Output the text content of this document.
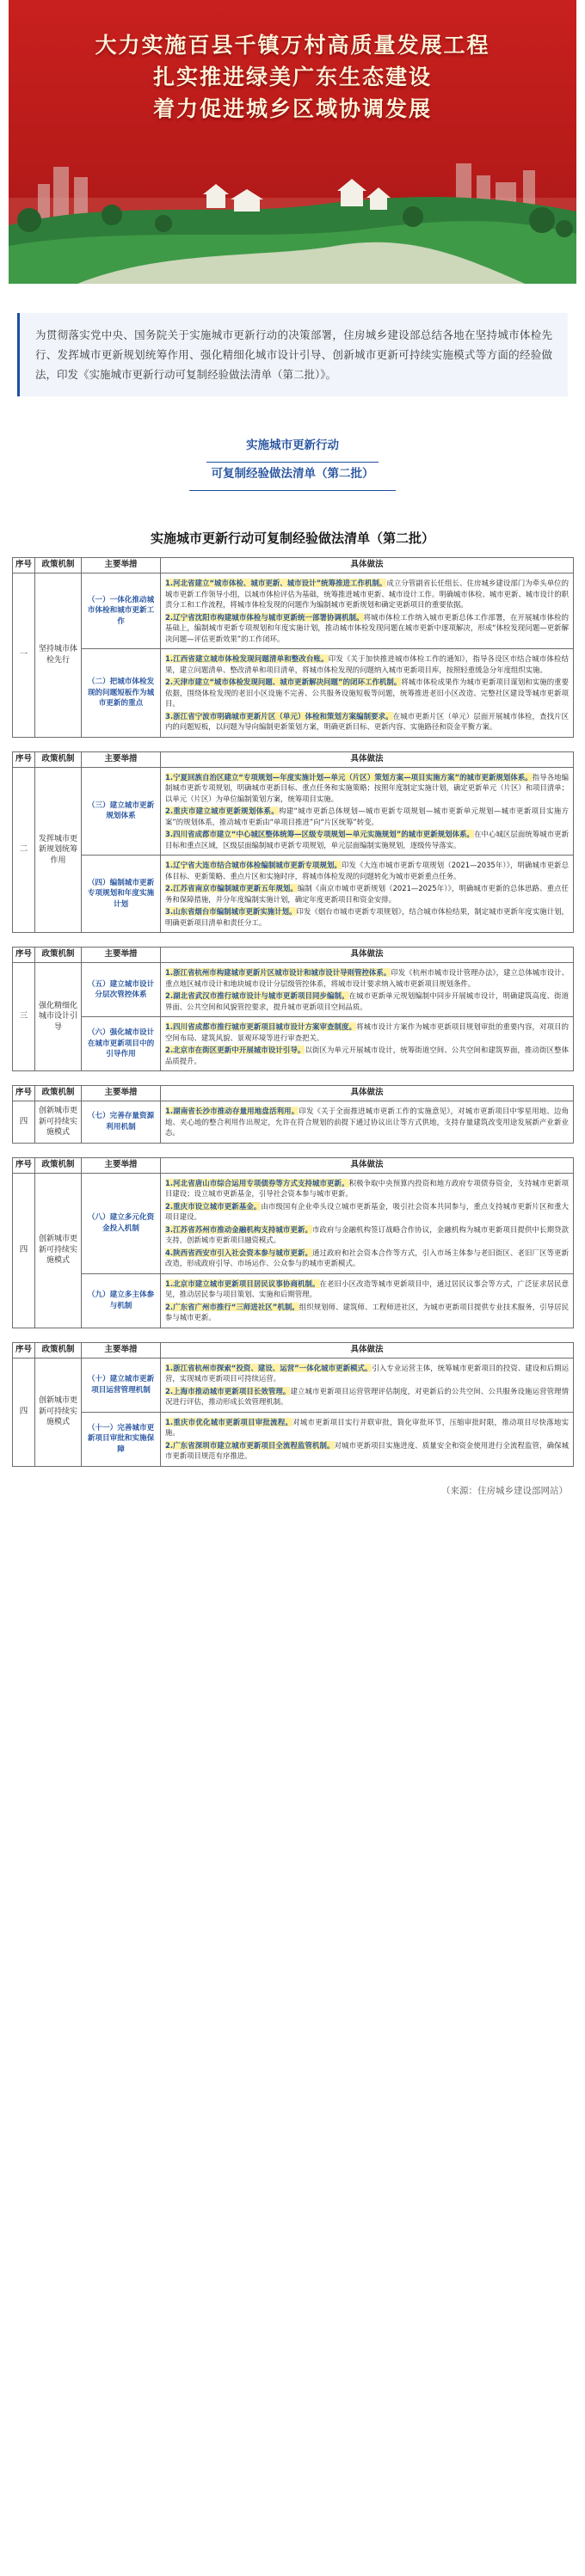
大力实施百县千镇万村高质量发展工程
扎实推进绿美广东生态建设
着力促进城乡区域协调发展
为贯彻落实党中央、国务院关于实施城市更新行动的决策部署，住房城乡建设部总结各地在坚持城市体检先行、发挥城市更新规划统筹作用、强化精细化城市设计引导、创新城市更新可持续实施模式等方面的经验做法，印发《实施城市更新行动可复制经验做法清单（第二批）》。
实施城市更新行动
可复制经验做法清单（第二批）
实施城市更新行动可复制经验做法清单（第二批）
序号	政策机制	主要举措	具体做法
一	坚持城市体检先行	（一）一体化推动城市体检和城市更新工作	1.河北省建立“城市体检、城市更新、城市设计”统筹推进工作机制。成立分管副省长任组长、住房城乡建设部门为牵头单位的城市更新工作领导小组，以城市体检评估为基础，统筹推进城市更新、城市设计工作。明确城市体检、城市更新、城市设计的职责分工和工作流程，将城市体检发现的问题作为编制城市更新规划和确定更新项目的重要依据。
2.辽宁省沈阳市构建城市体检与城市更新统一部署协调机制。将城市体检工作纳入城市更新总体工作部署，在开展城市体检的基础上，编制城市更新专项规划和年度实施计划，推动城市体检发现问题在城市更新中逐项解决，形成“体检发现问题—更新解决问题—评估更新效果”的工作闭环。

		（二）把城市体检发现的问题短板作为城市更新的重点	1.江西省建立城市体检发现问题清单和整改台账。印发《关于加快推进城市体检工作的通知》，指导各设区市结合城市体检结果，建立问题清单、整改清单和项目清单，将城市体检发现的问题纳入城市更新项目库，按照轻重缓急分年度组织实施。
2.天津市建立“城市体检发现问题、城市更新解决问题”的闭环工作机制。将城市体检成果作为城市更新项目谋划和实施的重要依据，围绕体检发现的老旧小区设施不完善、公共服务设施短板等问题，统筹推进老旧小区改造、完整社区建设等城市更新项目。
3.浙江省宁波市明确城市更新片区（单元）体检和策划方案编制要求。在城市更新片区（单元）层面开展城市体检，查找片区内的问题短板，以问题为导向编制更新策划方案，明确更新目标、更新内容、实施路径和资金平衡方案。
序号	政策机制	主要举措	具体做法
二	发挥城市更新规划统筹作用	（三）建立城市更新规划体系	1.宁夏回族自治区建立“专项规划—年度实施计划—单元（片区）策划方案—项目实施方案”的城市更新规划体系。指导各地编制城市更新专项规划，明确城市更新目标、重点任务和实施策略；按照年度制定实施计划，确定更新单元（片区）和项目清单；以单元（片区）为单位编制策划方案，统筹项目实施。
2.重庆市建立城市更新规划体系。构建“城市更新总体规划—城市更新专项规划—城市更新单元规划—城市更新项目实施方案”的规划体系，推动城市更新由“单项目推进”向“片区统筹”转变。
3.四川省成都市建立“中心城区整体统筹—区级专项规划—单元实施规划”的城市更新规划体系。在中心城区层面统筹城市更新目标和重点区域，区级层面编制城市更新专项规划，单元层面编制实施规划，逐级传导落实。

		（四）编制城市更新专项规划和年度实施计划	1.辽宁省大连市结合城市体检编制城市更新专项规划。印发《大连市城市更新专项规划（2021—2035年）》，明确城市更新总体目标、更新策略、重点片区和实施时序，将城市体检发现的问题转化为城市更新重点任务。
2.江苏省南京市编制城市更新五年规划。编制《南京市城市更新规划（2021—2025年）》，明确城市更新的总体思路、重点任务和保障措施，并分年度编制实施计划，确定年度更新项目和资金安排。
3.山东省烟台市编制城市更新实施计划。印发《烟台市城市更新专项规划》，结合城市体检结果，制定城市更新年度实施计划，明确更新项目清单和责任分工。
序号	政策机制	主要举措	具体做法
三	强化精细化城市设计引导	（五）建立城市设计分层次管控体系	1.浙江省杭州市构建城市更新片区城市设计和城市设计导则管控体系。印发《杭州市城市设计管理办法》，建立总体城市设计、重点地区城市设计和地块城市设计分层级管控体系，将城市设计要求纳入城市更新项目规划条件。
2.湖北省武汉市推行城市设计与城市更新项目同步编制。在城市更新单元规划编制中同步开展城市设计，明确建筑高度、街道界面、公共空间和风貌管控要求，提升城市更新项目空间品质。

		（六）强化城市设计在城市更新项目中的引导作用	1.四川省成都市推行城市更新项目城市设计方案审查制度。将城市设计方案作为城市更新项目规划审批的重要内容，对项目的空间布局、建筑风貌、景观环境等进行审查把关。
2.北京市在街区更新中开展城市设计引导。以街区为单元开展城市设计，统筹街道空间、公共空间和建筑界面，推动街区整体品质提升。
序号	政策机制	主要举措	具体做法
四	创新城市更新可持续实施模式	（七）完善存量资源利用机制	1.湖南省长沙市推动存量用地盘活利用。印发《关于全面推进城市更新工作的实施意见》，对城市更新项目中零星用地、边角地、夹心地的整合利用作出规定，允许在符合规划的前提下通过协议出让等方式供地，支持存量建筑改变用途发展新产业新业态。
序号	政策机制	主要举措	具体做法
四	创新城市更新可持续实施模式	（八）建立多元化资金投入机制	1.河北省唐山市综合运用专项债券等方式支持城市更新。积极争取中央预算内投资和地方政府专项债券资金，支持城市更新项目建设；设立城市更新基金，引导社会资本参与城市更新。
2.重庆市设立城市更新基金。由市级国有企业牵头设立城市更新基金，吸引社会资本共同参与，重点支持城市更新片区和重大项目建设。
3.江苏省苏州市推动金融机构支持城市更新。市政府与金融机构签订战略合作协议，金融机构为城市更新项目提供中长期贷款支持，创新城市更新项目融资模式。
4.陕西省西安市引入社会资本参与城市更新。通过政府和社会资本合作等方式，引入市场主体参与老旧街区、老旧厂区等更新改造，形成政府引导、市场运作、公众参与的城市更新模式。

		（九）建立多主体参与机制	1.北京市建立城市更新项目居民议事协商机制。在老旧小区改造等城市更新项目中，通过居民议事会等方式，广泛征求居民意见，推动居民参与项目策划、实施和后期管理。
2.广东省广州市推行“三师进社区”机制。组织规划师、建筑师、工程师进社区，为城市更新项目提供专业技术服务，引导居民参与城市更新。
序号	政策机制	主要举措	具体做法
四	创新城市更新可持续实施模式	（十）建立城市更新项目运营管理机制	1.浙江省杭州市探索“投资、建设、运营”一体化城市更新模式。引入专业运营主体，统筹城市更新项目的投资、建设和后期运营，实现城市更新项目可持续运营。
2.上海市推动城市更新项目长效管理。建立城市更新项目运营管理评估制度，对更新后的公共空间、公共服务设施运营管理情况进行评估，推动形成长效管理机制。

		（十一）完善城市更新项目审批和实施保障	1.重庆市优化城市更新项目审批流程。对城市更新项目实行并联审批，简化审批环节，压缩审批时限，推动项目尽快落地实施。
2.广东省深圳市建立城市更新项目全流程监管机制。对城市更新项目实施进度、质量安全和资金使用进行全流程监管，确保城市更新项目规范有序推进。
（来源：住房城乡建设部网站）
